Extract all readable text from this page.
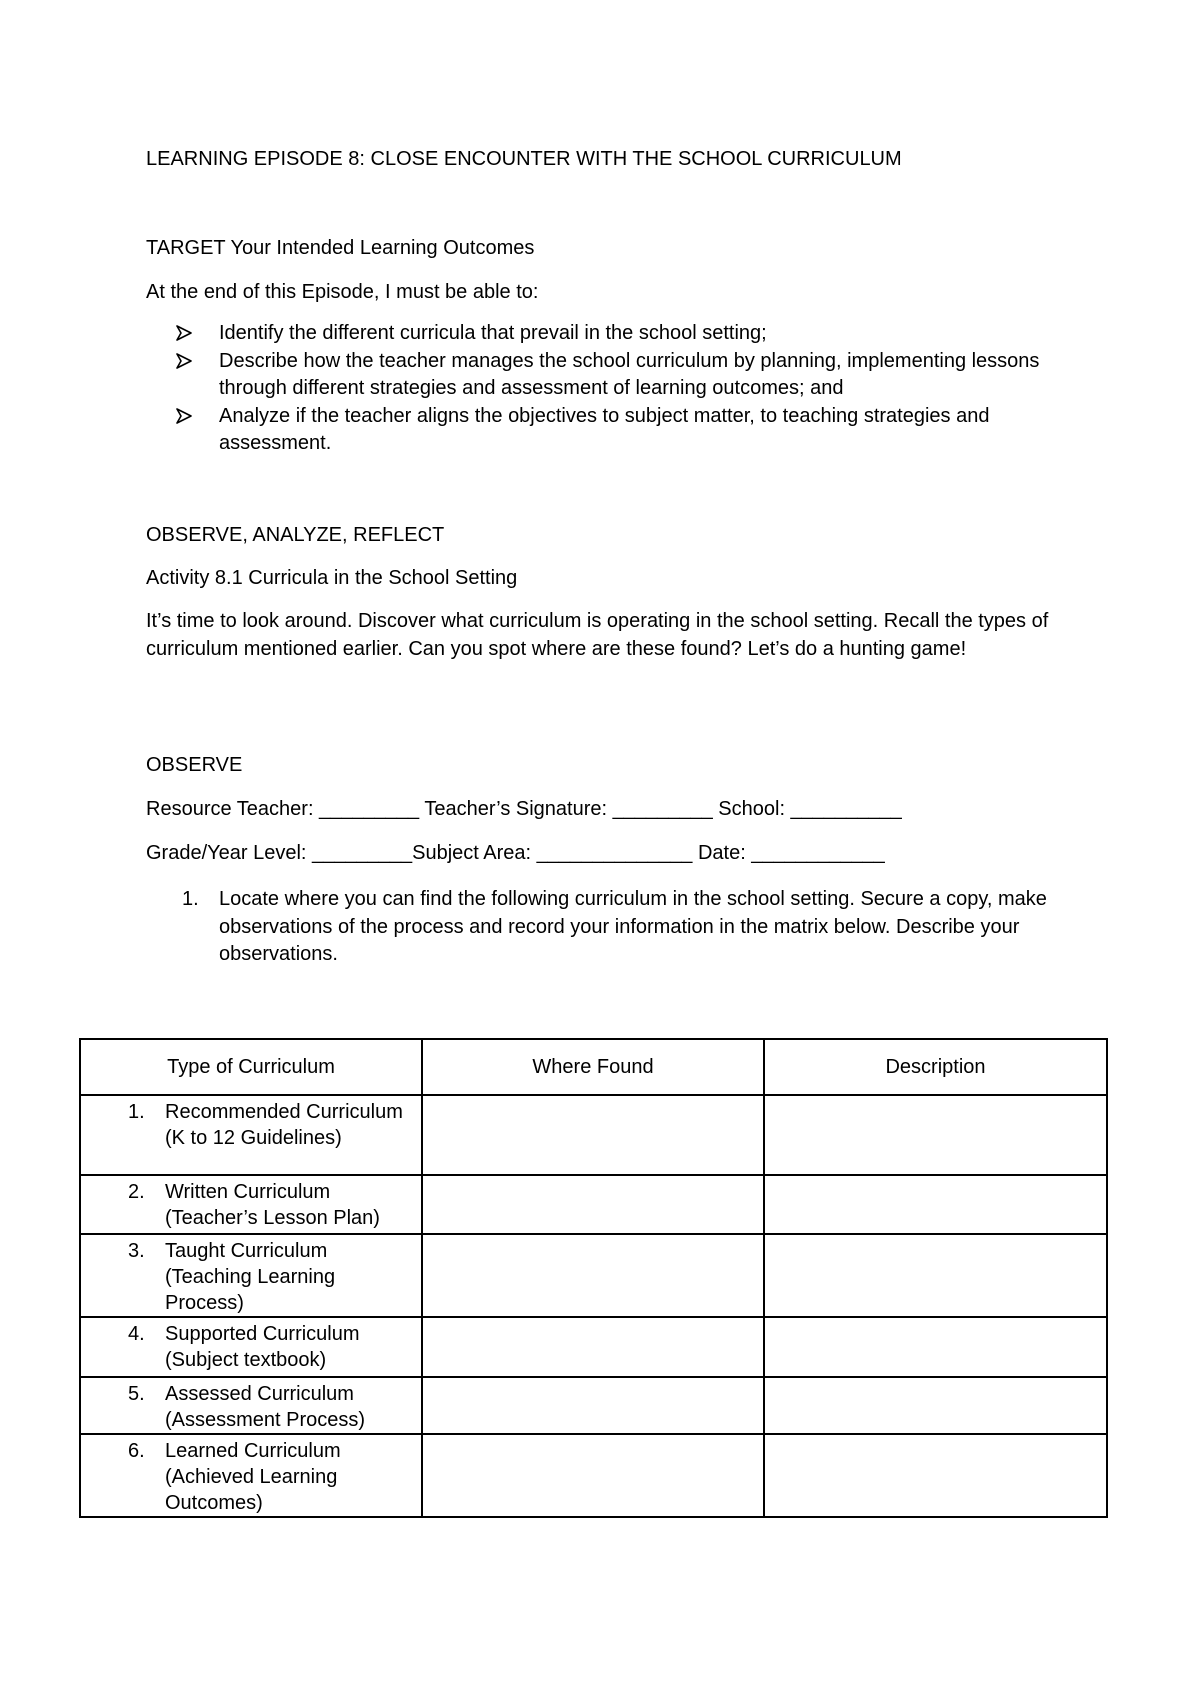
LEARNING EPISODE 8: CLOSE ENCOUNTER WITH THE SCHOOL CURRICULUM

TARGET Your Intended Learning Outcomes

At the end of this Episode, I must be able to:

Identify the different curricula that prevail in the school setting;
Describe how the teacher manages the school curriculum by planning, implementing lessons through different strategies and assessment of learning outcomes; and
Analyze if the teacher aligns the objectives to subject matter, to teaching strategies and assessment.

OBSERVE, ANALYZE, REFLECT

Activity 8.1 Curricula in the School Setting

It’s time to look around. Discover what curriculum is operating in the school setting. Recall the types of curriculum mentioned earlier. Can you spot where are these found? Let’s do a hunting game!

OBSERVE

Resource Teacher: _________ Teacher’s Signature: _________ School: __________

Grade/Year Level: _________Subject Area: ______________ Date: ____________

1. Locate where you can find the following curriculum in the school setting. Secure a copy, make observations of the process and record your information in the matrix below. Describe your observations.
Type of Curriculum	Where Found	Description

1. Recommended Curriculum (K to 12 Guidelines)		

2. Written Curriculum (Teacher’s Lesson Plan)		

3. Taught Curriculum (Teaching Learning Process)		

4. Supported Curriculum (Subject textbook)		

5. Assessed Curriculum (Assessment Process)		

6. Learned Curriculum (Achieved Learning Outcomes)		
